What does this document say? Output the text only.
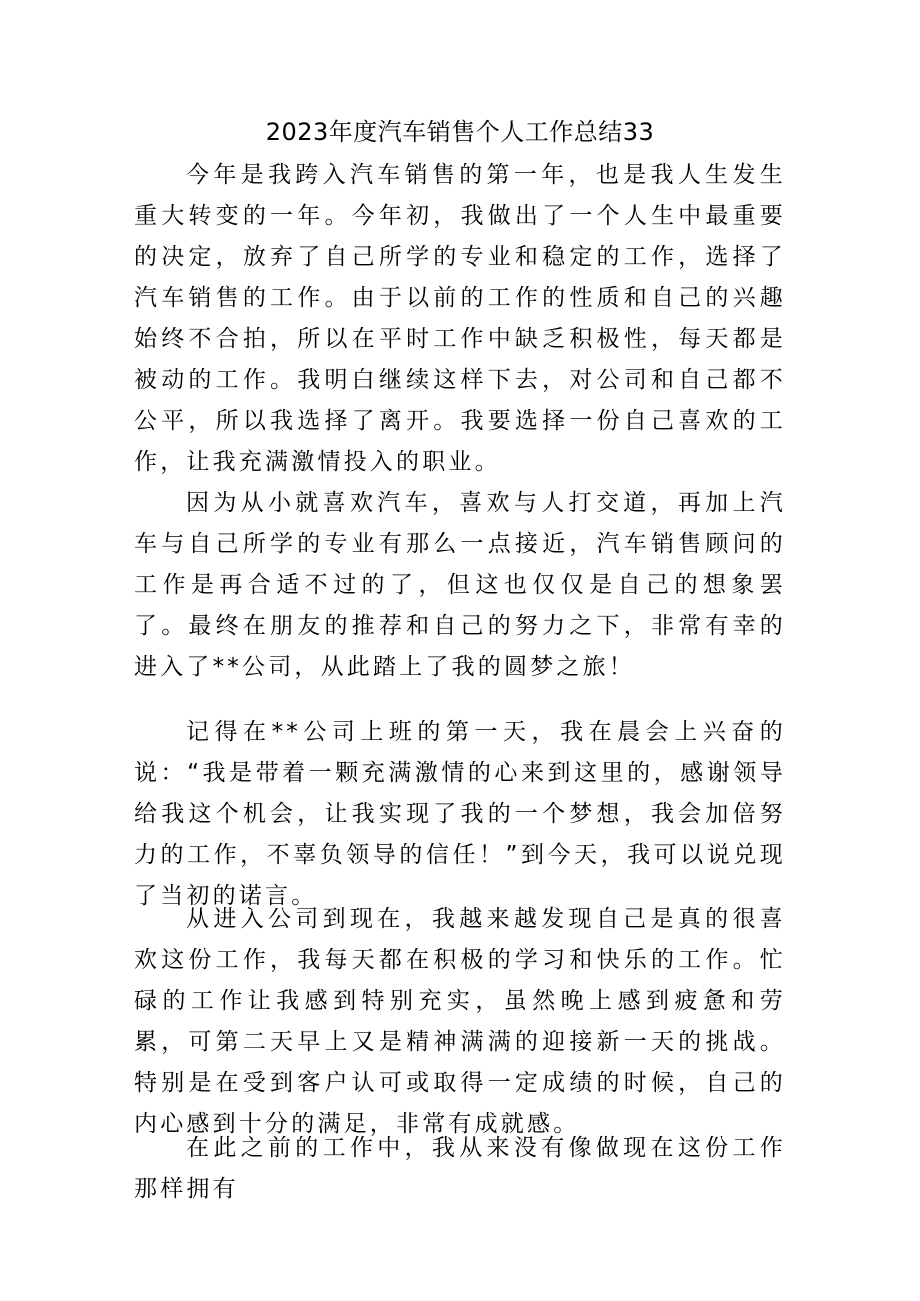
2023年度汽车销售个人工作总结33

今年是我跨入汽车销售的第一年，也是我人生发生重大转变的一年。今年初，我做出了一个人生中最重要的决定，放弃了自己所学的专业和稳定的工作，选择了汽车销售的工作。由于以前的工作的性质和自己的兴趣始终不合拍，所以在平时工作中缺乏积极性，每天都是被动的工作。我明白继续这样下去，对公司和自己都不公平，所以我选择了离开。我要选择一份自己喜欢的工作，让我充满激情投入的职业。

因为从小就喜欢汽车，喜欢与人打交道，再加上汽车与自己所学的专业有那么一点接近，汽车销售顾问的工作是再合适不过的了，但这也仅仅是自己的想象罢了。最终在朋友的推荐和自己的努力之下，非常有幸的进入了**公司，从此踏上了我的圆梦之旅！

记得在**公司上班的第一天，我在晨会上兴奋的说：“我是带着一颗充满激情的心来到这里的，感谢领导给我这个机会，让我实现了我的一个梦想，我会加倍努力的工作，不辜负领导的信任！”到今天，我可以说兑现了当初的诺言。

从进入公司到现在，我越来越发现自己是真的很喜欢这份工作，我每天都在积极的学习和快乐的工作。忙碌的工作让我感到特别充实，虽然晚上感到疲惫和劳累，可第二天早上又是精神满满的迎接新一天的挑战。特别是在受到客户认可或取得一定成绩的时候，自己的内心感到十分的满足，非常有成就感。

在此之前的工作中，我从来没有像做现在这份工作那样拥有
